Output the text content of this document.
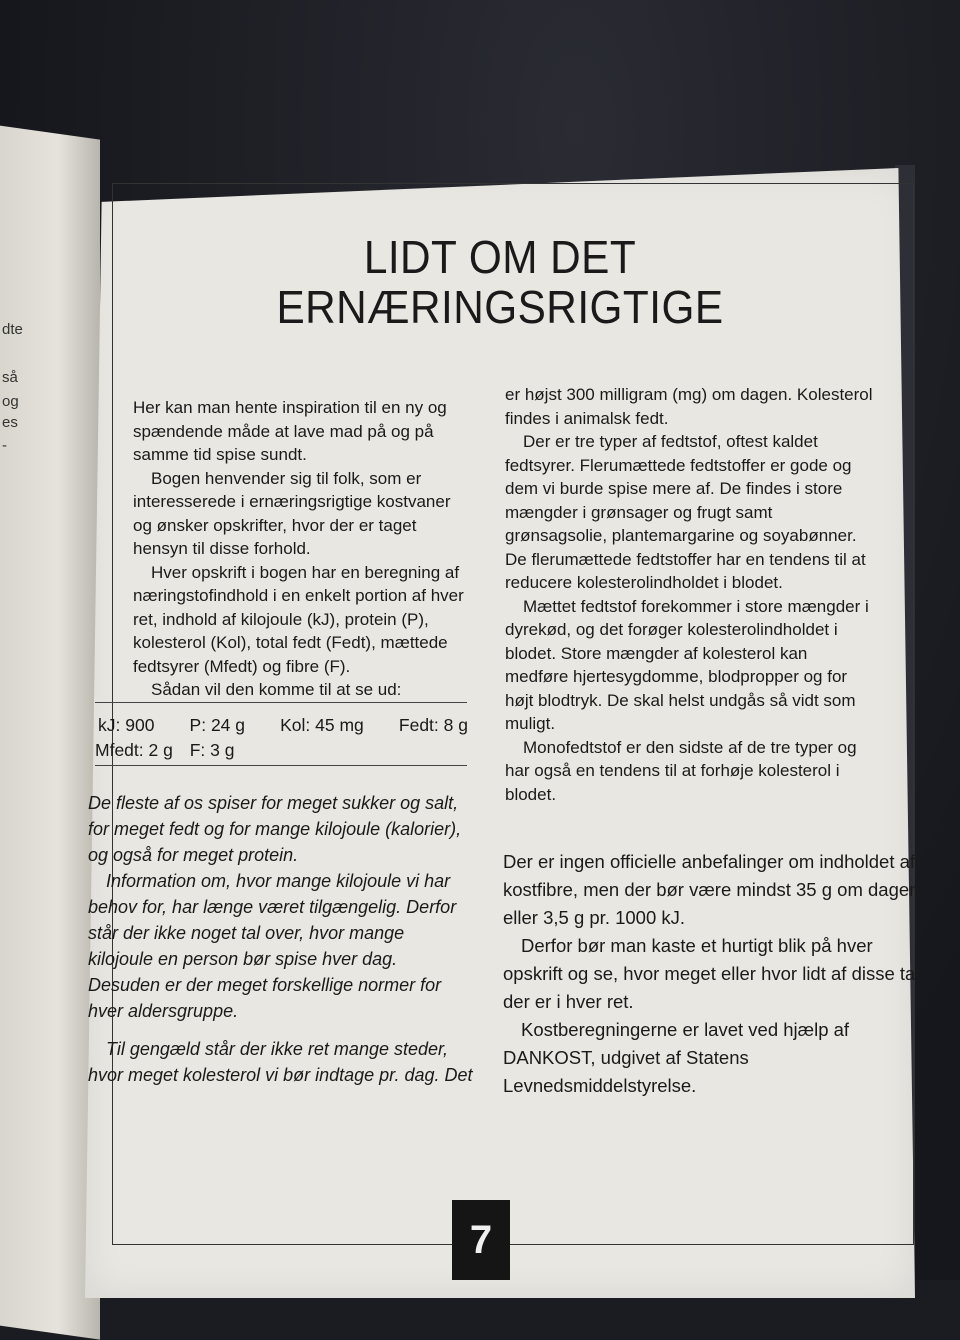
dte
så
og
es
-
LIDT OM DET
ERNÆRINGSRIGTIGE

Her kan man hente inspiration til en ny og spændende måde at lave mad på og på samme tid spise sundt.

Bogen henvender sig til folk, som er interesserede i ernæringsrigtige kostvaner og ønsker opskrifter, hvor der er taget hensyn til disse forhold.

Hver opskrift i bogen har en beregning af næringstofindhold i en enkelt portion af hver ret, indhold af kilojoule (kJ), protein (P), kolesterol (Kol), total fedt (Fedt), mættede fedtsyrer (Mfedt) og fibre (F).

Sådan vil den komme til at se ud:

kJ: 900 P: 24 g Kol: 45 mg Fedt: 8 g
Mfedt: 2 g F: 3 g

De fleste af os spiser for meget sukker og salt, for meget fedt og for mange kilojoule (kalorier), og også for meget protein.

Information om, hvor mange kilojoule vi har behov for, har længe været tilgængelig. Derfor står der ikke noget tal over, hvor mange kilojoule en person bør spise hver dag. Desuden er der meget forskellige normer for hver aldersgruppe.

Til gengæld står der ikke ret mange steder, hvor meget kolesterol vi bør indtage pr. dag. Det

er højst 300 milligram (mg) om dagen. Kolesterol findes i animalsk fedt.

Der er tre typer af fedtstof, oftest kaldet fedtsyrer. Flerumættede fedtstoffer er gode og dem vi burde spise mere af. De findes i store mængder i grønsager og frugt samt grønsagsolie, plantemargarine og soyabønner. De flerumættede fedtstoffer har en tendens til at reducere kolesterolindholdet i blodet.

Mættet fedtstof forekommer i store mængder i dyrekød, og det forøger kolesterolindholdet i blodet. Store mængder af kolesterol kan medføre hjertesygdomme, blodpropper og for højt blodtryk. De skal helst undgås så vidt som muligt.

Monofedtstof er den sidste af de tre typer og har også en tendens til at forhøje kolesterol i blodet.

Der er ingen officielle anbefalinger om indholdet af kostfibre, men der bør være mindst 35 g om dagen eller 3,5 g pr. 1000 kJ.

Derfor bør man kaste et hurtigt blik på hver opskrift og se, hvor meget eller hvor lidt af disse tal der er i hver ret.

Kostberegningerne er lavet ved hjælp af DANKOST, udgivet af Statens Levnedsmiddelstyrelse.

7
